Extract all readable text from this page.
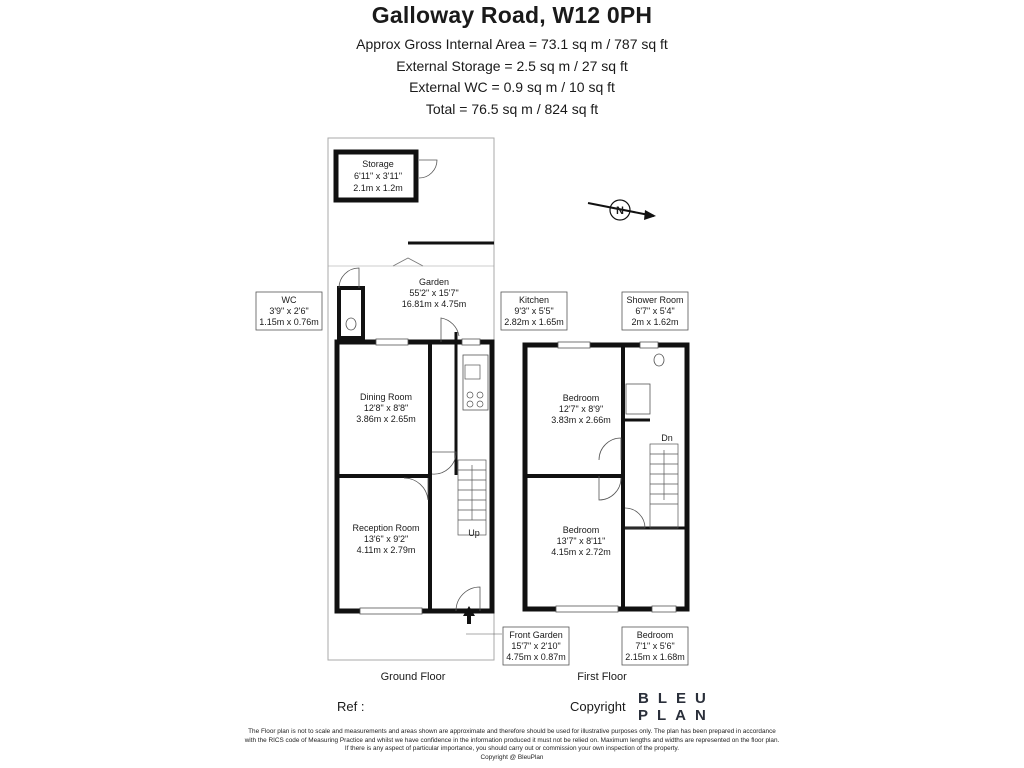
Galloway Road, W12 0PH
Approx Gross Internal Area = 73.1 sq m / 787 sq ft
External Storage = 2.5 sq m / 27 sq ft
External WC = 0.9 sq m / 10 sq ft
Total = 76.5 sq m / 824 sq ft
N
Storage
6'11" x 3'11"
2.1m x 1.2m
Garden
55'2" x 15'7"
16.81m x 4.75m
Dining Room
12'8" x 8'8"
3.86m x 2.65m
Reception Room
13'6" x 9'2"
4.11m x 2.79m
Bedroom
12'7" x 8'9"
3.83m x 2.66m
Bedroom
13'7" x 8'11"
4.15m x 2.72m
Up
Dn
WC
3'9" x 2'6"
1.15m x 0.76m
Kitchen
9'3" x 5'5"
2.82m x 1.65m
Shower Room
6'7" x 5'4"
2m x 1.62m
Front Garden
15'7" x 2'10"
4.75m x 0.87m
Bedroom
7'1" x 5'6"
2.15m x 1.68m
Ground Floor	First Floor
Ref :	Copyright BLEU
PLAN
The Floor plan is not to scale and measurements and areas shown are approximate and therefore should be used for illustrative purposes only. The plan has been prepared in accordance
with the RICS code of Measuring Practice and whilst we have confidence in the information produced it must not be relied on. Maximum lengths and widths are represented on the floor plan.
If there is any aspect of particular importance, you should carry out or commission your own inspection of the property.
Copyright @ BleuPlan
